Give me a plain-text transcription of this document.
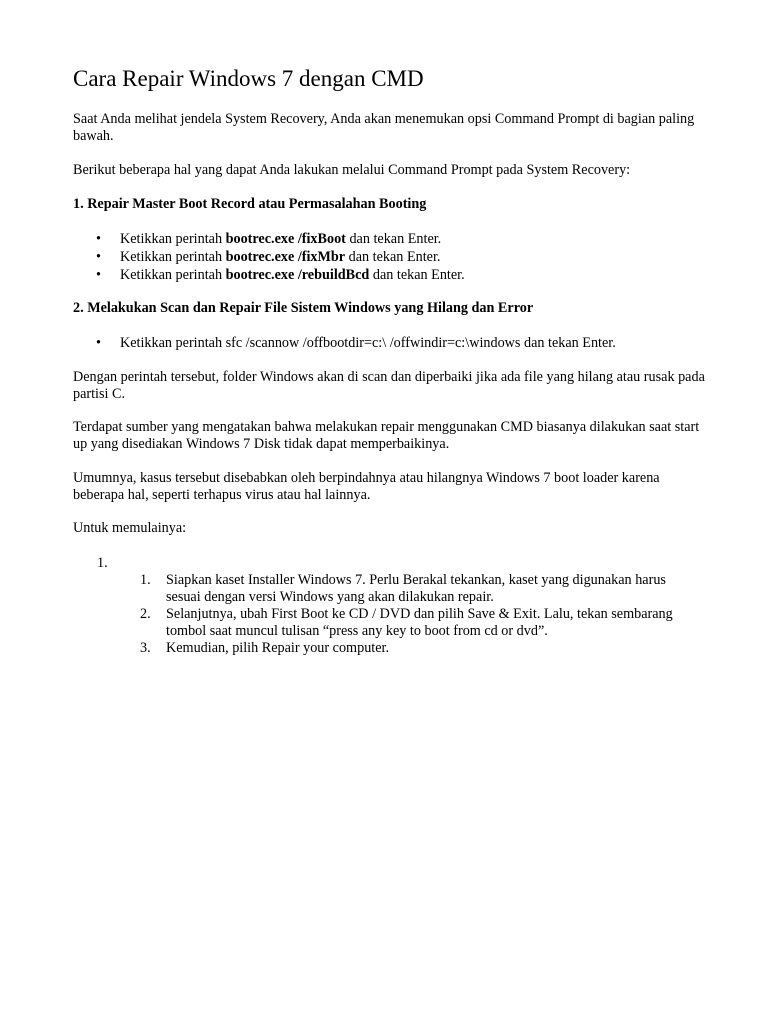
Cara Repair Windows 7 dengan CMD

Saat Anda melihat jendela System Recovery, Anda akan menemukan opsi Command Prompt di bagian paling bawah.

Berikut beberapa hal yang dapat Anda lakukan melalui Command Prompt pada System Recovery:

1. Repair Master Boot Record atau Permasalahan Booting

• Ketikkan perintah bootrec.exe /fixBoot dan tekan Enter.
• Ketikkan perintah bootrec.exe /fixMbr dan tekan Enter.
• Ketikkan perintah bootrec.exe /rebuildBcd dan tekan Enter.

2. Melakukan Scan dan Repair File Sistem Windows yang Hilang dan Error

• Ketikkan perintah sfc /scannow /offbootdir=c:\ /offwindir=c:\windows dan tekan Enter.

Dengan perintah tersebut, folder Windows akan di scan dan diperbaiki jika ada file yang hilang atau rusak pada partisi C.

Terdapat sumber yang mengatakan bahwa melakukan repair menggunakan CMD biasanya dilakukan saat start up yang disediakan Windows 7 Disk tidak dapat memperbaikinya.

Umumnya, kasus tersebut disebabkan oleh berpindahnya atau hilangnya Windows 7 boot loader karena beberapa hal, seperti terhapus virus atau hal lainnya.

Untuk memulainya:

1.

1. Siapkan kaset Installer Windows 7. Perlu Berakal tekankan, kaset yang digunakan harus sesuai dengan versi Windows yang akan dilakukan repair.
2. Selanjutnya, ubah First Boot ke CD / DVD dan pilih Save & Exit. Lalu, tekan sembarang tombol saat muncul tulisan “press any key to boot from cd or dvd”.
3. Kemudian, pilih Repair your computer.
